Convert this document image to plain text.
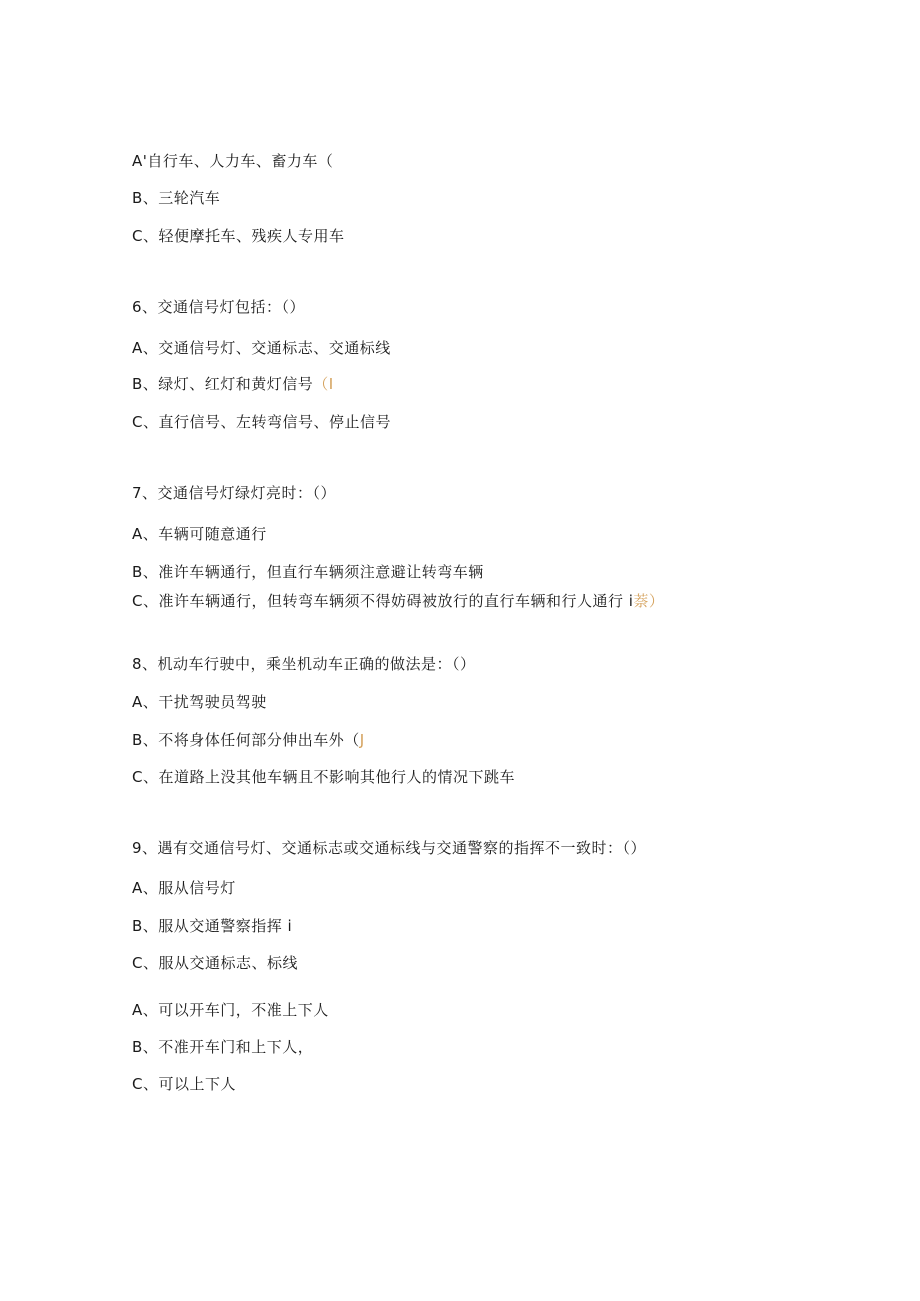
A'自行车、人力车、畜力车（
B、三轮汽车
C、轻便摩托车、残疾人专用车
6、交通信号灯包括：（）
A、交通信号灯、交通标志、交通标线
B、绿灯、红灯和黄灯信号（I
C、直行信号、左转弯信号、停止信号
7、交通信号灯绿灯亮时：（）
A、车辆可随意通行
B、准许车辆通行，但直行车辆须注意避让转弯车辆
C、准许车辆通行，但转弯车辆须不得妨碍被放行的直行车辆和行人通行 i萘）
8、机动车行驶中，乘坐机动车正确的做法是：（）
A、干扰驾驶员驾驶
B、不将身体任何部分伸出车外（J
C、在道路上没其他车辆且不影响其他行人的情况下跳车
9、遇有交通信号灯、交通标志或交通标线与交通警察的指挥不一致时：（）
A、服从信号灯
B、服从交通警察指挥 i
C、服从交通标志、标线
A、可以开车门，不准上下人
B、不准开车门和上下人，
C、可以上下人
